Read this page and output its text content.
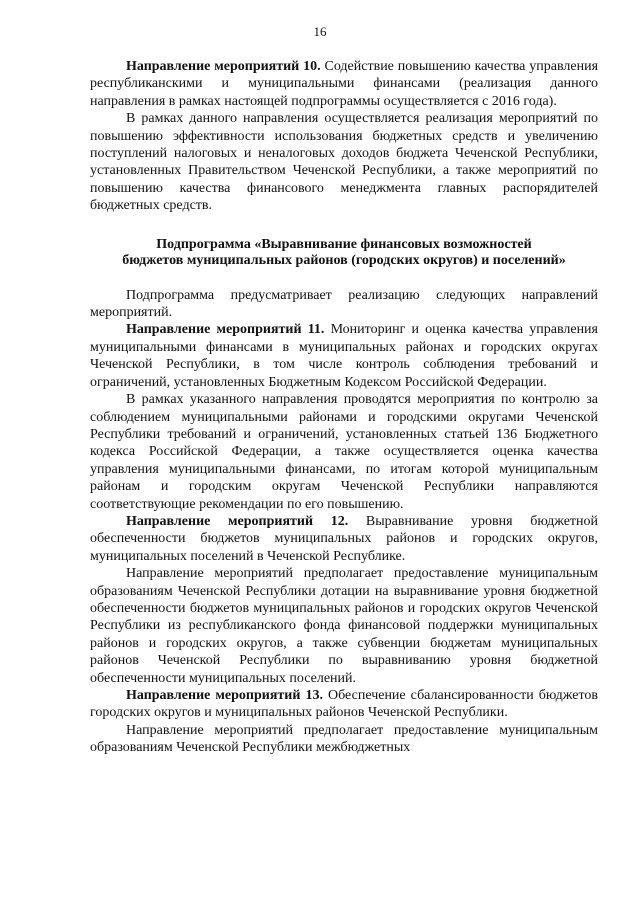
16

Направление мероприятий 10. Содействие повышению качества управления республиканскими и муниципальными финансами (реализация данного направления в рамках настоящей подпрограммы осуществляется с 2016 года).

В рамках данного направления осуществляется реализация мероприятий по повышению эффективности использования бюджетных средств и увеличению поступлений налоговых и неналоговых доходов бюджета Чеченской Республики, установленных Правительством Чеченской Республики, а также мероприятий по повышению качества финансового менеджмента главных распорядителей бюджетных средств.

Подпрограмма «Выравнивание финансовых возможностей
бюджетов муниципальных районов (городских округов) и поселений»

Подпрограмма предусматривает реализацию следующих направлений мероприятий.

Направление мероприятий 11. Мониторинг и оценка качества управления муниципальными финансами в муниципальных районах и городских округах Чеченской Республики, в том числе контроль соблюдения требований и ограничений, установленных Бюджетным Кодексом Российской Федерации.

В рамках указанного направления проводятся мероприятия по контролю за соблюдением муниципальными районами и городскими округами Чеченской Республики требований и ограничений, установленных статьей 136 Бюджетного кодекса Российской Федерации, а также осуществляется оценка качества управления муниципальными финансами, по итогам которой муниципальным районам и городским округам Чеченской Республики направляются соответствующие рекомендации по его повышению.

Направление мероприятий 12. Выравнивание уровня бюджетной обеспеченности бюджетов муниципальных районов и городских округов, муниципальных поселений в Чеченской Республике.

Направление мероприятий предполагает предоставление муниципальным образованиям Чеченской Республики дотации на выравнивание уровня бюджетной обеспеченности бюджетов муниципальных районов и городских округов Чеченской Республики из республиканского фонда финансовой поддержки муниципальных районов и городских округов, а также субвенции бюджетам муниципальных районов Чеченской Республики по выравниванию уровня бюджетной обеспеченности муниципальных поселений.

Направление мероприятий 13. Обеспечение сбалансированности бюджетов городских округов и муниципальных районов Чеченской Республики.

Направление мероприятий предполагает предоставление муниципальным образованиям Чеченской Республики межбюджетных
